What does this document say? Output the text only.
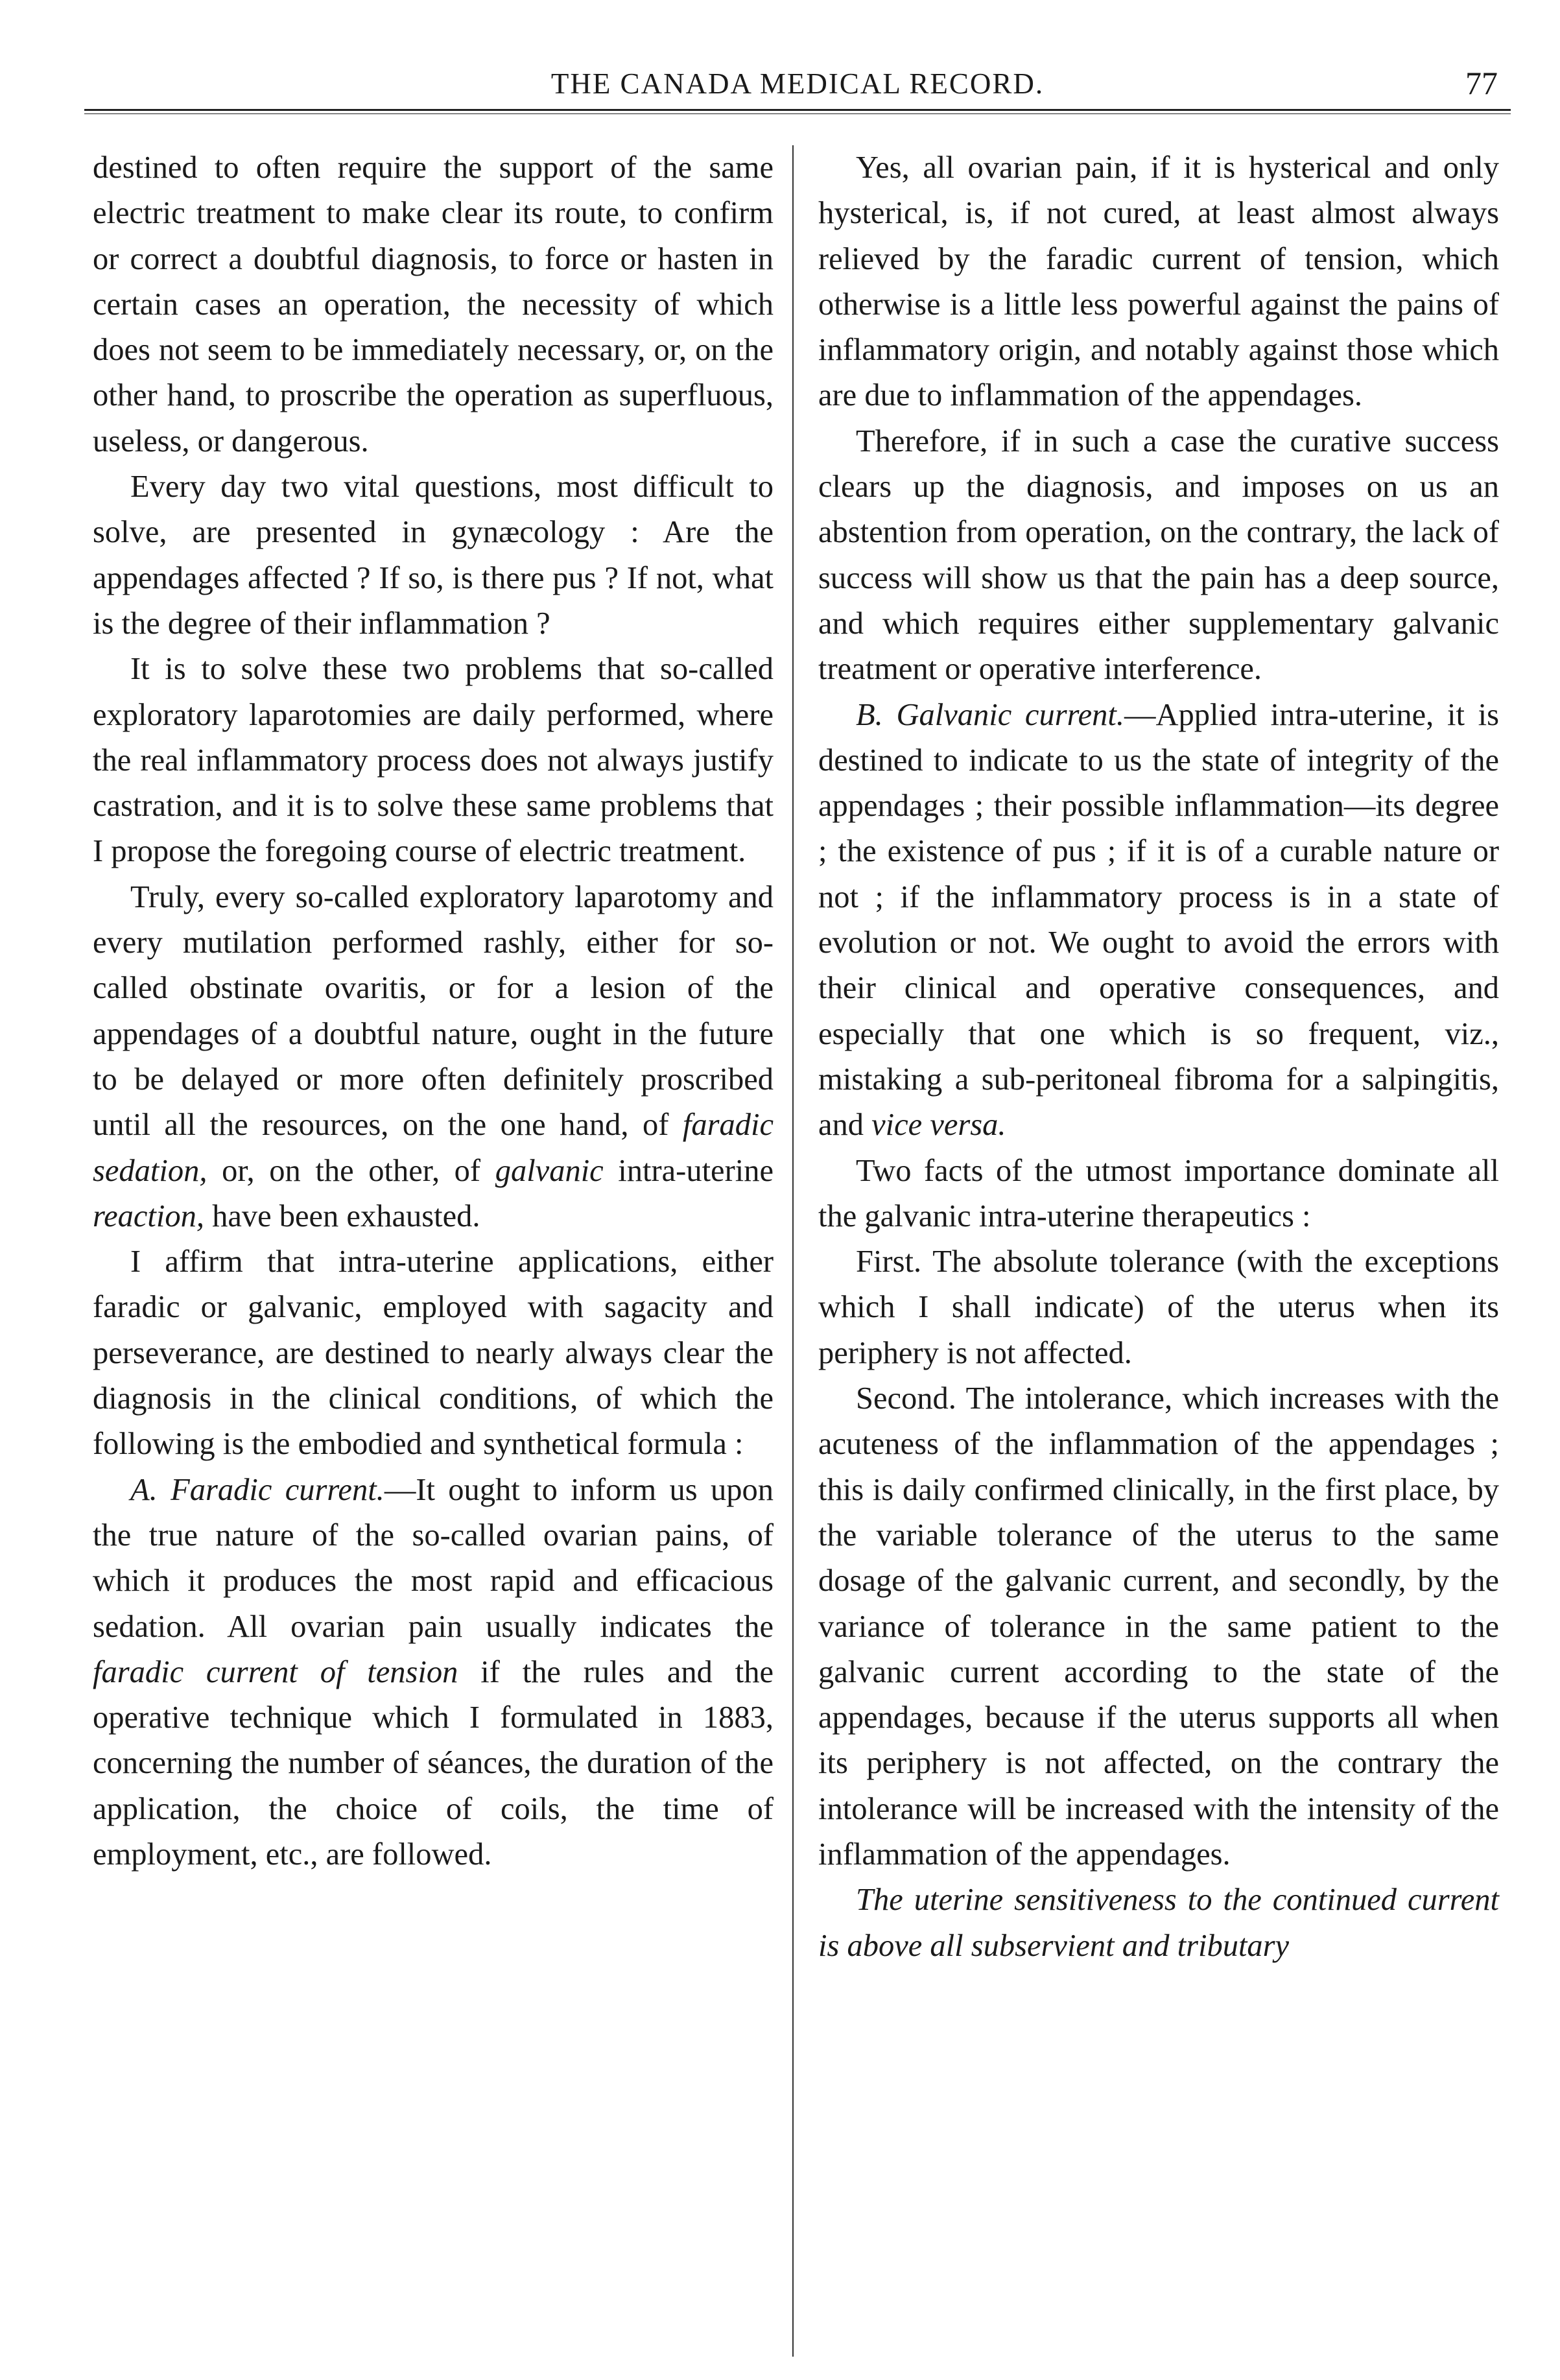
THE CANADA MEDICAL RECORD.	77

destined to often require the support of the same electric treatment to make clear its route, to confirm or correct a doubtful diagnosis, to force or hasten in certain cases an operation, the necessity of which does not seem to be immediately necessary, or, on the other hand, to proscribe the operation as superfluous, useless, or dangerous.

Every day two vital questions, most difficult to solve, are presented in gynæcology : Are the appendages affected ? If so, is there pus ? If not, what is the degree of their inflammation ?

It is to solve these two problems that so-called exploratory laparotomies are daily performed, where the real inflammatory process does not always justify castration, and it is to solve these same problems that I propose the foregoing course of electric treatment.

Truly, every so-called exploratory laparotomy and every mutilation performed rashly, either for so-called obstinate ovaritis, or for a lesion of the appendages of a doubtful nature, ought in the future to be delayed or more often definitely proscribed until all the resources, on the one hand, of faradic sedation, or, on the other, of galvanic intra-uterine reaction, have been exhausted.

I affirm that intra-uterine applications, either faradic or galvanic, employed with sagacity and perseverance, are destined to nearly always clear the diagnosis in the clinical conditions, of which the following is the embodied and synthetical formula :

A. Faradic current.—It ought to inform us upon the true nature of the so-called ovarian pains, of which it produces the most rapid and efficacious sedation. All ovarian pain usually indicates the faradic current of tension if the rules and the operative technique which I formulated in 1883, concerning the number of séances, the duration of the application, the choice of coils, the time of employment, etc., are followed.

Yes, all ovarian pain, if it is hysterical and only hysterical, is, if not cured, at least almost always relieved by the faradic current of tension, which otherwise is a little less powerful against the pains of inflammatory origin, and notably against those which are due to inflammation of the appendages.

Therefore, if in such a case the curative success clears up the diagnosis, and imposes on us an abstention from operation, on the contrary, the lack of success will show us that the pain has a deep source, and which requires either supplementary galvanic treatment or operative interference.

B. Galvanic current.—Applied intra-uterine, it is destined to indicate to us the state of integrity of the appendages ; their possible inflammation—its degree ; the existence of pus ; if it is of a curable nature or not ; if the inflammatory process is in a state of evolution or not. We ought to avoid the errors with their clinical and operative consequences, and especially that one which is so frequent, viz., mistaking a sub-peritoneal fibroma for a salpingitis, and vice versa.

Two facts of the utmost importance dominate all the galvanic intra-uterine therapeutics :

First. The absolute tolerance (with the exceptions which I shall indicate) of the uterus when its periphery is not affected.

Second. The intolerance, which increases with the acuteness of the inflammation of the appendages ; this is daily confirmed clinically, in the first place, by the variable tolerance of the uterus to the same dosage of the galvanic current, and secondly, by the variance of tolerance in the same patient to the galvanic current according to the state of the appendages, because if the uterus supports all when its periphery is not affected, on the contrary the intolerance will be increased with the intensity of the inflammation of the appendages.

The uterine sensitiveness to the continued current is above all subservient and tributary
